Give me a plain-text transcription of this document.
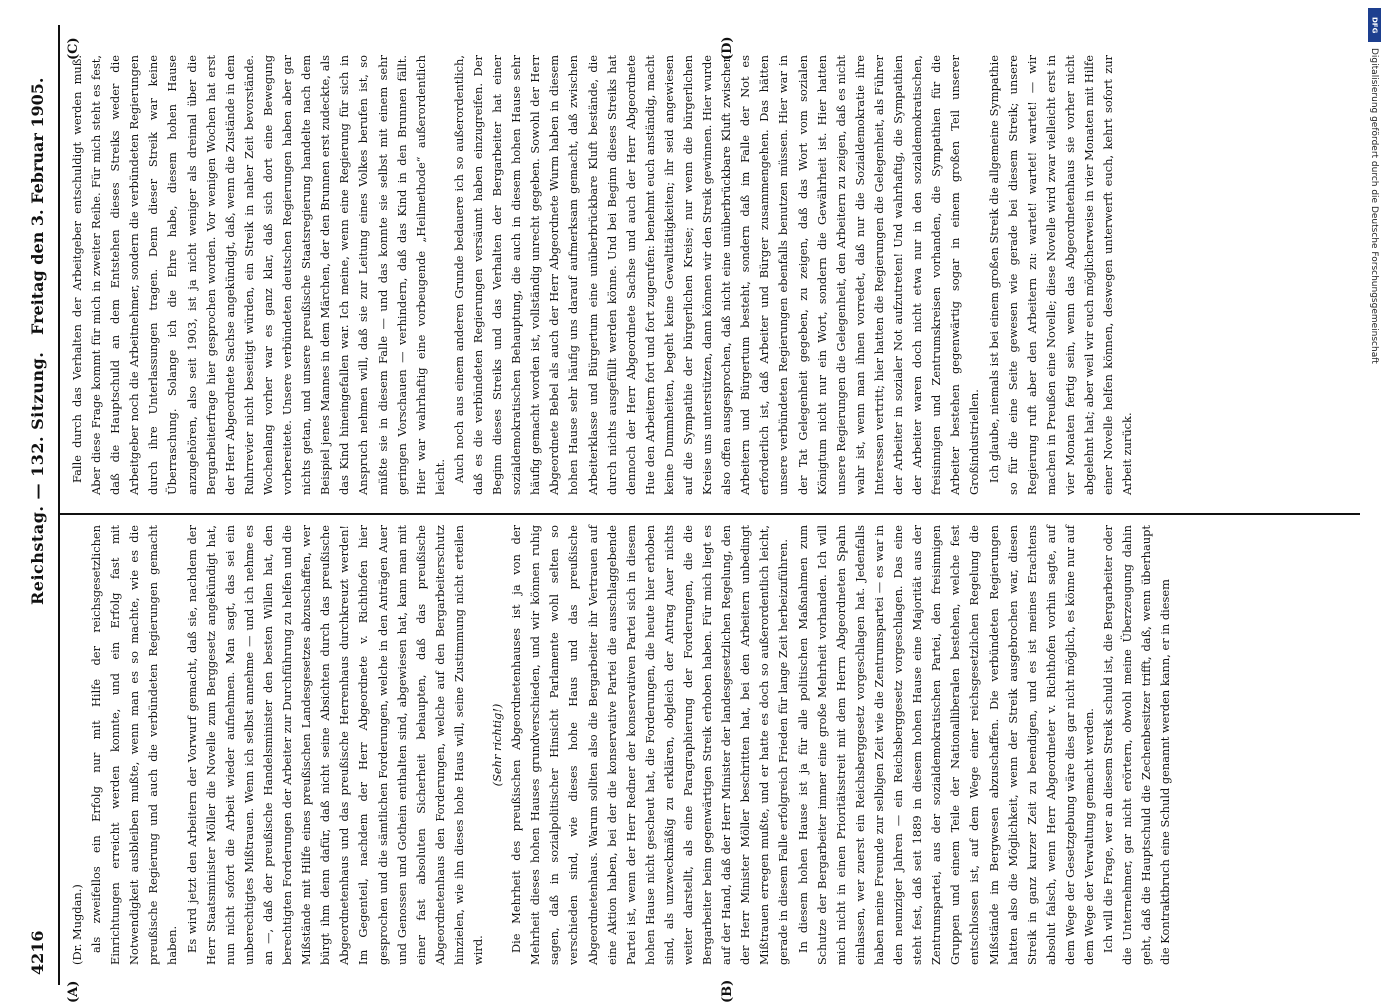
4216
Reichstag. — 132. Sitzung.
Freitag den 3. Februar 1905.
(A)	(B)
(C)	(D)

(Dr. Mugdan.) als zweifellos ein Erfolg nur mit Hilfe der reichsgesetzlichen Einrichtungen erreicht werden konnte, und ein Erfolg fast mit Notwendigkeit ausbleiben mußte, wenn man es so machte, wie es die preußische Regierung und auch die verbündeten Regierungen gemacht haben. Es wird jetzt den Arbeitern der Vorwurf gemacht, daß sie, nachdem der Herr Staatsminister Möller die Novelle zum Berggesetz angekündigt hat, nun nicht sofort die Arbeit wieder aufnehmen. Man sagt, das sei ein unberechtigtes Mißtrauen. Wenn ich selbst annehme — und ich nehme es an —, daß der preußische Handelsminister den besten Willen hat, den berechtigten Forderungen der Arbeiter zur Durchführung zu helfen und die Mißstände mit Hilfe eines preußischen Landesgesetzes abzuschaffen, wer bürgt ihm denn dafür, daß nicht seine Absichten durch das preußische Abgeordnetenhaus und das preußische Herrenhaus durchkreuzt werden! Im Gegenteil, nachdem der Herr Abgeordnete v. Richthofen hier gesprochen und die sämtlichen Forderungen, welche in den Anträgen Auer und Genossen und Gothein enthalten sind, abgewiesen hat, kann man mit einer fast absoluten Sicherheit behaupten, daß das preußische Abgeordnetenhaus den Forderungen, welche auf den Bergarbeiterschutz hinzielen, wie ihn dieses hohe Haus will, seine Zustimmung nicht erteilen wird.

(Sehr richtig!) Die Mehrheit des preußischen Abgeordnetenhauses ist ja von der Mehrheit dieses hohen Hauses grundverschieden, und wir können ruhig sagen, daß in sozialpolitischer Hinsicht Parlamente wohl selten so verschieden sind, wie dieses hohe Haus und das preußische Abgeordnetenhaus. Warum sollten also die Bergarbeiter ihr Vertrauen auf eine Aktion haben, bei der die konservative Partei die ausschlaggebende Partei ist, wenn der Herr Redner der konservativen Partei sich in diesem hohen Hause nicht gescheut hat, die Forderungen, die heute hier erhoben sind, als unzweckmäßig zu erklären, obgleich der Antrag Auer nichts weiter darstellt, als eine Paragraphierung der Forderungen, die die Bergarbeiter beim gegenwärtigen Streik erhoben haben. Für mich liegt es auf der Hand, daß der Herr Minister der landesgesetzlichen Regelung, den der Herr Minister Möller beschritten hat, bei den Arbeitern unbedingt Mißtrauen erregen mußte, und er hatte es doch so außerordentlich leicht, gerade in diesem Falle erfolgreich Frieden für lange Zeit herbeizuführen. In diesem hohen Hause ist ja für alle politischen Maßnahmen zum Schutze der Bergarbeiter immer eine große Mehrheit vorhanden. Ich will mich nicht in einen Prioritätsstreit mit dem Herrn Abgeordneten Spahn einlassen, wer zuerst ein Reichsberggesetz vorgeschlagen hat. Jedenfalls haben meine Freunde zur selbigen Zeit wie die Zentrumspartei — es war in den neunziger Jahren — ein Reichsberggesetz vorgeschlagen. Das eine steht fest, daß seit 1889 in diesem hohen Hause eine Majorität aus der Zentrumspartei, aus der sozialdemokratischen Partei, den freisinnigen Gruppen und einem Teile der Nationalliberalen bestehen, welche fest entschlossen ist, auf dem Wege einer reichsgesetzlichen Regelung die Mißstände im Bergwesen abzuschaffen. Die verbündeten Regierungen hatten also die Möglichkeit, wenn der Streik ausgebrochen war, diesen Streik in ganz kurzer Zeit zu beendigen, und es ist meines Erachtens absolut falsch, wenn Herr Abgeordneter v. Richthofen vorhin sagte, auf dem Wege der Gesetzgebung wäre dies gar nicht möglich, es könne nur auf dem Wege der Verwaltung gemacht werden. Ich will die Frage, wer an diesem Streik schuld ist, die Bergarbeiter oder die Unternehmer, gar nicht erörtern, obwohl meine Überzeugung dahin geht, daß die Hauptschuld die Zechenbesitzer trifft, daß, wenn überhaupt die Kontraktbruch eine Schuld genannt werden kann, er in diesem

Falle durch das Verhalten der Arbeitgeber entschuldigt werden muß. Aber diese Frage kommt für mich in zweiter Reihe. Für mich steht es fest, daß die Hauptschuld an dem Entstehen dieses Streiks weder die Arbeitgeber noch die Arbeitnehmer, sondern die verbündeten Regierungen durch ihre Unterlassungen tragen. Denn dieser Streik war keine Überraschung. Solange ich die Ehre habe, diesem hohen Hause anzugehören, also seit 1903, ist ja nicht weniger als dreimal über die Bergarbeiterfrage hier gesprochen worden. Vor wenigen Wochen hat erst der Herr Abgeordnete Sachse angekündigt, daß, wenn die Zustände in dem Ruhrrevier nicht beseitigt würden, ein Streik in naher Zeit bevorstände. Wochenlang vorher war es ganz klar, daß sich dort eine Bewegung vorbereitete. Unsere verbündeten deutschen Regierungen haben aber gar nichts getan, und unsere preußische Staatsregierung handelte nach dem Beispiel jenes Mannes in dem Märchen, der den Brunnen erst zudeckte, als das Kind hineingefallen war. Ich meine, wenn eine Regierung für sich in Anspruch nehmen will, daß sie zur Leitung eines Volkes berufen ist, so müßte sie in diesem Falle — und das konnte sie selbst mit einem sehr geringen Vorschauen — verhindern, daß das Kind in den Brunnen fällt. Hier war wahrhaftig eine vorbeugende „Heilmethode“ außerordentlich leicht. Auch noch aus einem anderen Grunde bedauere ich so außerordentlich, daß es die verbündeten Regierungen versäumt haben einzugreifen. Der Beginn dieses Streiks und das Verhalten der Bergarbeiter hat einer sozialdemokratischen Behauptung, die auch in diesem hohen Hause sehr häufig gemacht worden ist, vollständig unrecht gegeben. Sowohl der Herr Abgeordnete Bebel als auch der Herr Abgeordnete Wurm haben in diesem hohen Hause sehr häufig uns darauf aufmerksam gemacht, daß zwischen Arbeiterklasse und Bürgertum eine unüberbrückbare Kluft bestände, die durch nichts ausgefüllt werden könne. Und bei Beginn dieses Streiks hat dennoch der Herr Abgeordnete Sachse und auch der Herr Abgeordnete Hue den Arbeitern fort und fort zugerufen: benehmt euch anständig, macht keine Dummheiten, begeht keine Gewalttätigkeiten; ihr seid angewiesen auf die Sympathie der bürgerlichen Kreise; nur wenn die bürgerlichen Kreise uns unterstützen, dann können wir den Streik gewinnen. Hier wurde also offen ausgesprochen, daß nicht eine unüberbrückbare Kluft zwischen Arbeitern und Bürgertum besteht, sondern daß im Falle der Not es erforderlich ist, daß Arbeiter und Bürger zusammengehen. Das hätten unsere verbündeten Regierungen ebenfalls benutzen müssen. Hier war in der Tat Gelegenheit gegeben, zu zeigen, daß das Wort vom sozialen Königtum nicht nur ein Wort, sondern die Gewährheit ist. Hier hatten unsere Regierungen die Gelegenheit, den Arbeitern zu zeigen, daß es nicht wahr ist, wenn man ihnen vorredet, daß nur die Sozialdemokratie ihre Interessen vertritt; hier hatten die Regierungen die Gelegenheit, als Führer der Arbeiter in sozialer Not aufzutreten! Und wahrhaftig, die Sympathien der Arbeiter waren doch nicht etwa nur in den sozialdemokratischen, freisinnigen und Zentrumskreisen vorhanden, die Sympathien für die Arbeiter bestehen gegenwärtig sogar in einem großen Teil unserer Großindustriellen. Ich glaube, niemals ist bei einem großen Streik die allgemeine Sympathie so für die eine Seite gewesen wie gerade bei diesem Streik; unsere Regierung ruft aber den Arbeitern zu: wartet! wartet! wartet! — wir machen in Preußen eine Novelle; diese Novelle wird zwar vielleicht erst in vier Monaten fertig sein, wenn das Abgeordnetenhaus sie vorher nicht abgelehnt hat; aber weil wir euch möglicherweise in vier Monaten mit Hilfe einer Novelle helfen können, deswegen unterwerft euch, kehrt sofort zur Arbeit zurück.

DFG
Digitalisierung gefördert durch die Deutsche Forschungsgemeinschaft
